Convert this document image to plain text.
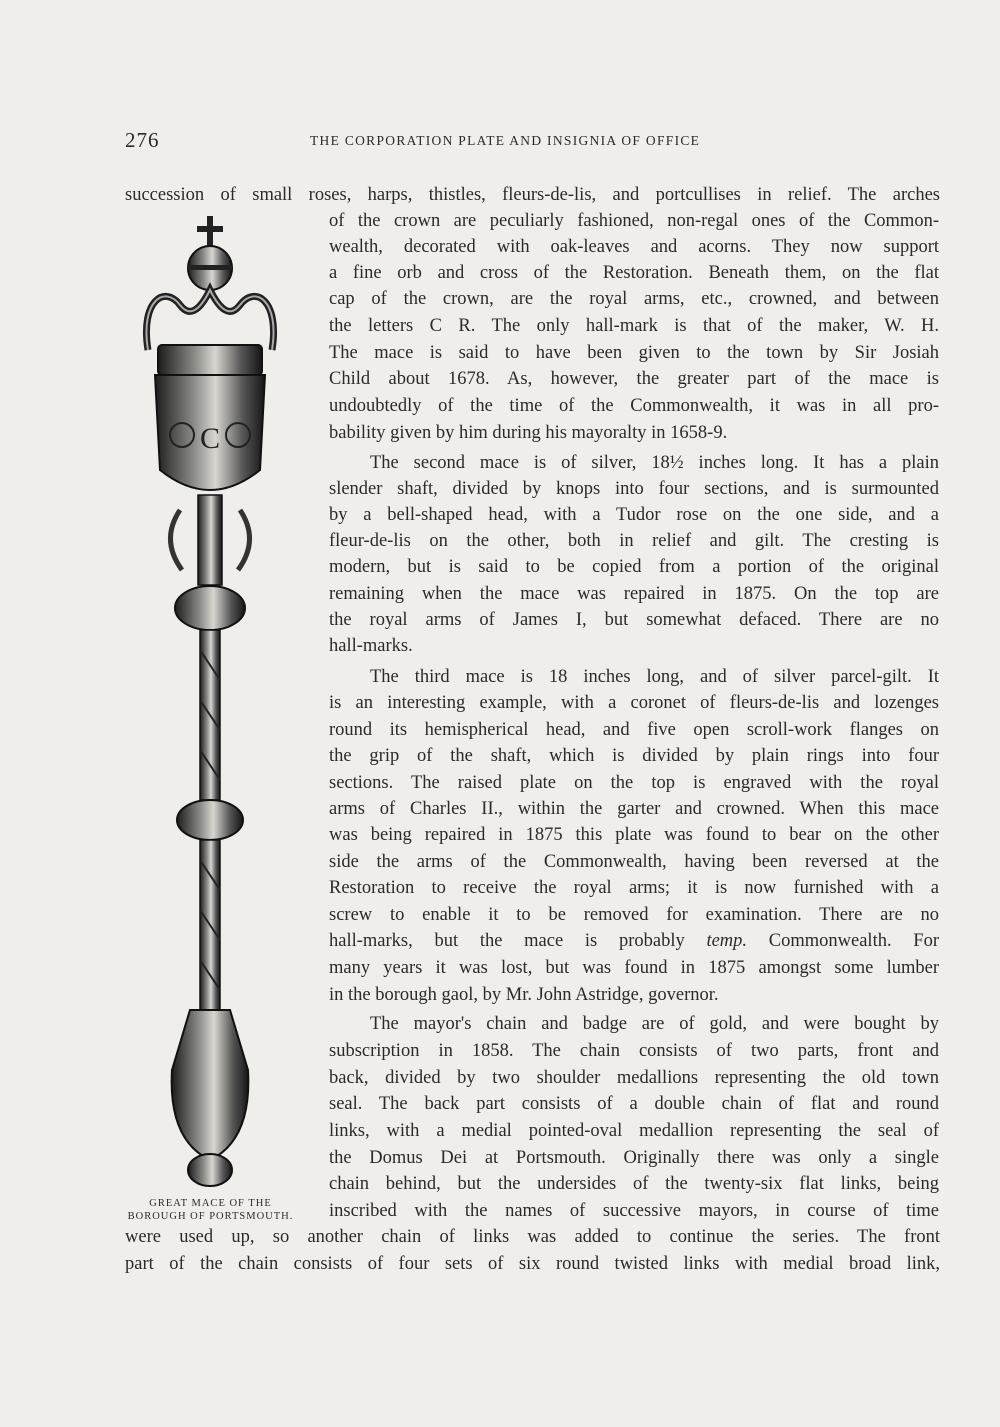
276	THE CORPORATION PLATE AND INSIGNIA OF OFFICE
C
GREAT MACE OF THE
BOROUGH OF PORTSMOUTH.
succession of small roses, harps, thistles, fleurs-de-lis, and portcullises in relief. The arches
of the crown are peculiarly fashioned, non-regal ones of the Common-
wealth, decorated with oak-leaves and acorns. They now support
a fine orb and cross of the Restoration. Beneath them, on the flat
cap of the crown, are the royal arms, etc., crowned, and between
the letters C R. The only hall-mark is that of the maker, W. H.
The mace is said to have been given to the town by Sir Josiah
Child about 1678. As, however, the greater part of the mace is
undoubtedly of the time of the Commonwealth, it was in all pro-
bability given by him during his mayoralty in 1658-9.
The second mace is of silver, 18½ inches long. It has a plain
slender shaft, divided by knops into four sections, and is surmounted
by a bell-shaped head, with a Tudor rose on the one side, and a
fleur-de-lis on the other, both in relief and gilt. The cresting is
modern, but is said to be copied from a portion of the original
remaining when the mace was repaired in 1875. On the top are
the royal arms of James I, but somewhat defaced. There are no
hall-marks.
The third mace is 18 inches long, and of silver parcel-gilt. It
is an interesting example, with a coronet of fleurs-de-lis and lozenges
round its hemispherical head, and five open scroll-work flanges on
the grip of the shaft, which is divided by plain rings into four
sections. The raised plate on the top is engraved with the royal
arms of Charles II., within the garter and crowned. When this mace
was being repaired in 1875 this plate was found to bear on the other
side the arms of the Commonwealth, having been reversed at the
Restoration to receive the royal arms; it is now furnished with a
screw to enable it to be removed for examination. There are no
hall-marks, but the mace is probably temp. Commonwealth. For
many years it was lost, but was found in 1875 amongst some lumber
in the borough gaol, by Mr. John Astridge, governor.
The mayor's chain and badge are of gold, and were bought by
subscription in 1858. The chain consists of two parts, front and
back, divided by two shoulder medallions representing the old town
seal. The back part consists of a double chain of flat and round
links, with a medial pointed-oval medallion representing the seal of
the Domus Dei at Portsmouth. Originally there was only a single
chain behind, but the undersides of the twenty-six flat links, being
inscribed with the names of successive mayors, in course of time
were used up, so another chain of links was added to continue the series. The front
part of the chain consists of four sets of six round twisted links with medial broad link,
